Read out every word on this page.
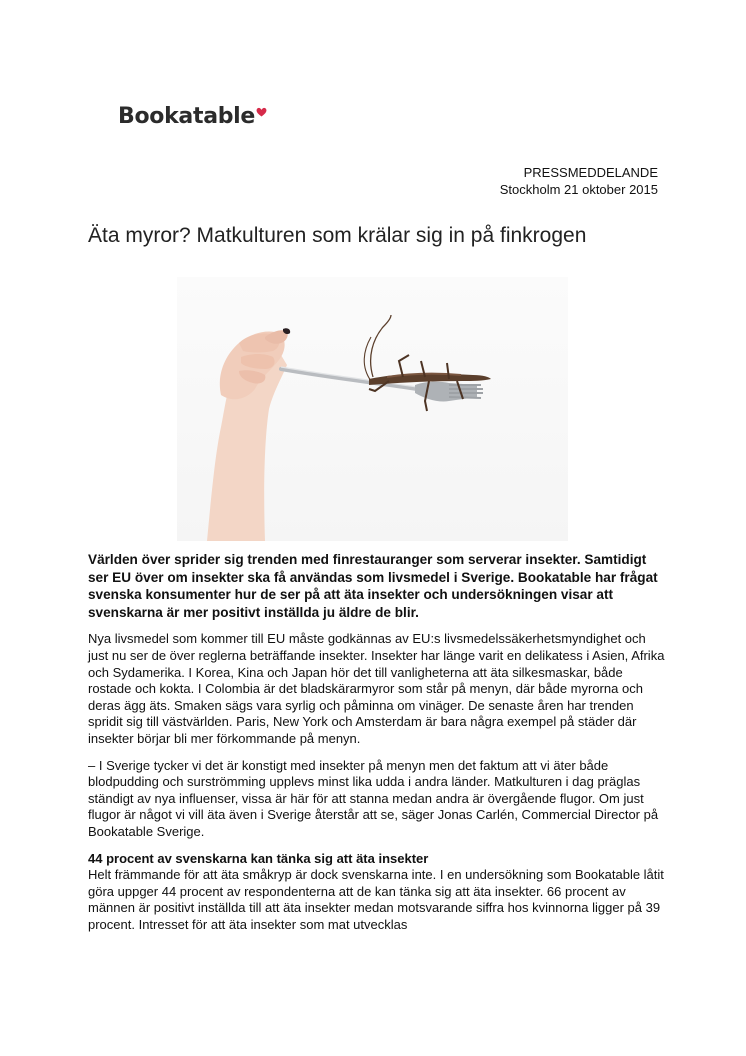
Bookatable
PRESSMEDDELANDE
Stockholm 21 oktober 2015
Äta myror? Matkulturen som krälar sig in på finkrogen

Världen över sprider sig trenden med finrestauranger som serverar insekter. Samtidigt ser EU över om insekter ska få användas som livsmedel i Sverige. Bookatable har frågat svenska konsumenter hur de ser på att äta insekter och undersökningen visar att svenskarna är mer positivt inställda ju äldre de blir.

Nya livsmedel som kommer till EU måste godkännas av EU:s livsmedelssäkerhetsmyndighet och just nu ser de över reglerna beträffande insekter. Insekter har länge varit en delikatess i Asien, Afrika och Sydamerika. I Korea, Kina och Japan hör det till vanligheterna att äta silkesmaskar, både rostade och kokta. I Colombia är det bladskärarmyror som står på menyn, där både myrorna och deras ägg äts. Smaken sägs vara syrlig och påminna om vinäger. De senaste åren har trenden spridit sig till västvärlden. Paris, New York och Amsterdam är bara några exempel på städer där insekter börjar bli mer förkommande på menyn.

– I Sverige tycker vi det är konstigt med insekter på menyn men det faktum att vi äter både blodpudding och surströmming upplevs minst lika udda i andra länder. Matkulturen i dag präglas ständigt av nya influenser, vissa är här för att stanna medan andra är övergående flugor. Om just flugor är något vi vill äta även i Sverige återstår att se, säger Jonas Carlén, Commercial Director på Bookatable Sverige.

44 procent av svenskarna kan tänka sig att äta insekter

Helt främmande för att äta småkryp är dock svenskarna inte. I en undersökning som Bookatable låtit göra uppger 44 procent av respondenterna att de kan tänka sig att äta insekter. 66 procent av männen är positivt inställda till att äta insekter medan motsvarande siffra hos kvinnorna ligger på 39 procent. Intresset för att äta insekter som mat utvecklas
